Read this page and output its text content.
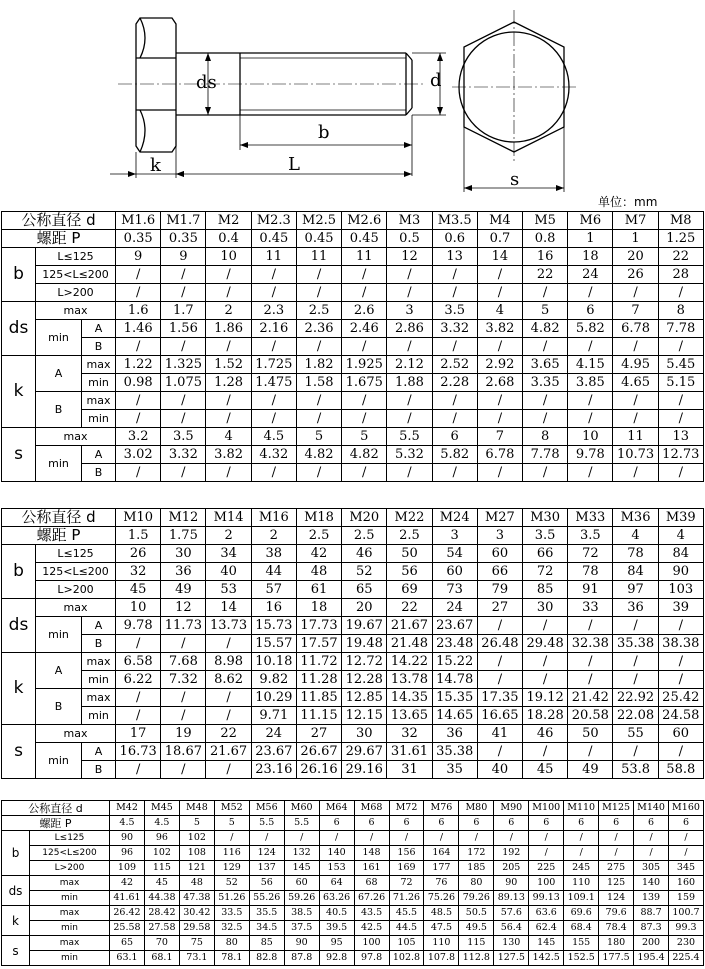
ds	d
b
k	L
s
单位：mm
公称直径 d			M1.6	M1.7	M2	M2.3	M2.5	M2.6	M3	M3.5	M4	M5	M6	M7	M8
螺距 P			0.35	0.35	0.4	0.45	0.45	0.45	0.5	0.6	0.7	0.8	1	1	1.25
b	L≤125		9	9	10	11	11	11	12	13	14	16	18	20	22
	125<L≤200		/	/	/	/	/	/	/	/	/	22	24	26	28
	L>200		/	/	/	/	/	/	/	/	/	/	/	/	/
ds	max		1.6	1.7	2	2.3	2.5	2.6	3	3.5	4	5	6	7	8
	min	A	1.46	1.56	1.86	2.16	2.36	2.46	2.86	3.32	3.82	4.82	5.82	6.78	7.78
		B	/	/	/	/	/	/	/	/	/	/	/	/	/
k	A	max	1.22	1.325	1.52	1.725	1.82	1.925	2.12	2.52	2.92	3.65	4.15	4.95	5.45
		min	0.98	1.075	1.28	1.475	1.58	1.675	1.88	2.28	2.68	3.35	3.85	4.65	5.15
	B	max	/	/	/	/	/	/	/	/	/	/	/	/	/
		min	/	/	/	/	/	/	/	/	/	/	/	/	/
s	max		3.2	3.5	4	4.5	5	5	5.5	6	7	8	10	11	13
	min	A	3.02	3.32	3.82	4.32	4.82	4.82	5.32	5.82	6.78	7.78	9.78	10.73	12.73
		B	/	/	/	/	/	/	/	/	/	/	/	/	/
公称直径 d			M10	M12	M14	M16	M18	M20	M22	M24	M27	M30	M33	M36	M39
螺距 P			1.5	1.75	2	2	2.5	2.5	2.5	3	3	3.5	3.5	4	4
b	L≤125		26	30	34	38	42	46	50	54	60	66	72	78	84
	125<L≤200		32	36	40	44	48	52	56	60	66	72	78	84	90
	L>200		45	49	53	57	61	65	69	73	79	85	91	97	103
ds	max		10	12	14	16	18	20	22	24	27	30	33	36	39
	min	A	9.78	11.73	13.73	15.73	17.73	19.67	21.67	23.67	/	/	/	/	/
		B	/	/	/	15.57	17.57	19.48	21.48	23.48	26.48	29.48	32.38	35.38	38.38
k	A	max	6.58	7.68	8.98	10.18	11.72	12.72	14.22	15.22	/	/	/	/	/
		min	6.22	7.32	8.62	9.82	11.28	12.28	13.78	14.78	/	/	/	/	/
	B	max	/	/	/	10.29	11.85	12.85	14.35	15.35	17.35	19.12	21.42	22.92	25.42
		min	/	/	/	9.71	11.15	12.15	13.65	14.65	16.65	18.28	20.58	22.08	24.58
s	max		17	19	22	24	27	30	32	36	41	46	50	55	60
	min	A	16.73	18.67	21.67	23.67	26.67	29.67	31.61	35.38	/	/	/	/	/
		B	/	/	/	23.16	26.16	29.16	31	35	40	45	49	53.8	58.8
公称直径 d		M42	M45	M48	M52	M56	M60	M64	M68	M72	M76	M80	M90	M100	M110	M125	M140	M160
螺距 P		4.5	4.5	5	5	5.5	5.5	6	6	6	6	6	6	6	6	6	6	6
b	L≤125	90	96	102	/	/	/	/	/	/	/	/	/	/	/	/	/	/
	125<L≤200	96	102	108	116	124	132	140	148	156	164	172	192	/	/	/	/	/
	L>200	109	115	121	129	137	145	153	161	169	177	185	205	225	245	275	305	345
ds	max	42	45	48	52	56	60	64	68	72	76	80	90	100	110	125	140	160
	min	41.61	44.38	47.38	51.26	55.26	59.26	63.26	67.26	71.26	75.26	79.26	89.13	99.13	109.1	124	139	159
k	max	26.42	28.42	30.42	33.5	35.5	38.5	40.5	43.5	45.5	48.5	50.5	57.6	63.6	69.6	79.6	88.7	100.7
	min	25.58	27.58	29.58	32.5	34.5	37.5	39.5	42.5	44.5	47.5	49.5	56.4	62.4	68.4	78.4	87.3	99.3
s	max	65	70	75	80	85	90	95	100	105	110	115	130	145	155	180	200	230
	min	63.1	68.1	73.1	78.1	82.8	87.8	92.8	97.8	102.8	107.8	112.8	127.5	142.5	152.5	177.5	195.4	225.4
